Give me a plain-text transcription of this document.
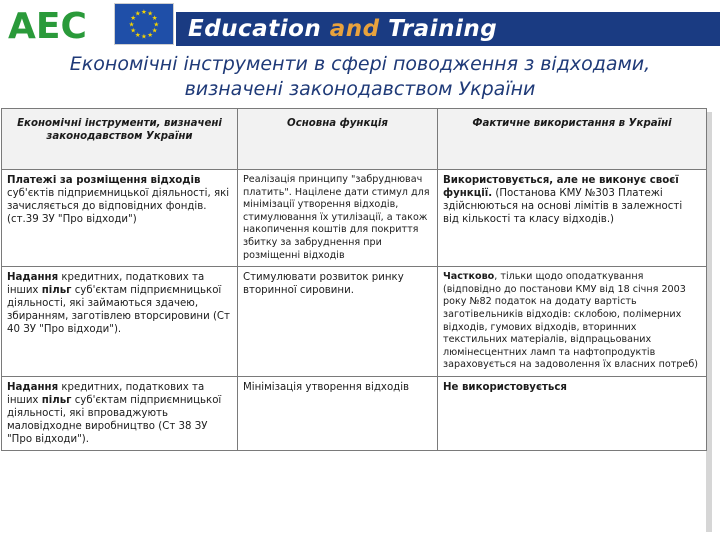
AEC	★ ★
★
★
★
★
★
★
★
★
★
★
Education and Training
Економічні інструменти в сфері поводження з відходами,
визначені законодавством України
Економічні інструменти, визначені законодавством України	Основна функція	Фактичне використання в Україні
Платежі за розміщення відходів суб'єктів підприємницької діяльності, які зачисляється до відповідних фондів. (ст.39 ЗУ "Про відходи")	Реалізація принципу "забруднювач платить". Націлене дати стимул для мінімізації утворення відходів, стимулювання їх утилізації, а також накопичення коштів для покриття збитку за забруднення при розміщенні відходів	Використовується, але не виконує своєї функції. (Постанова КМУ №303 Платежі здійснюються на основі лімітів в залежності від кількості та класу відходів.)
Надання кредитних, податкових та інших пільг суб'єктам підприємницької діяльності, які займаються здачею, збиранням, заготівлею вторсировини (Ст 40 ЗУ "Про відходи").	Стимулювати розвиток ринку вторинної сировини.	Частково, тільки щодо оподаткування (відповідно до постанови КМУ від 18 січня 2003 року №82 податок на додату вартість заготівельників відходів: склобою, полімерних відходів, гумових відходів, вторинних текстильних матеріалів, відпрацьованих люмінесцентних ламп та нафтопродуктів зараховується на задоволення їх власних потреб)
Надання кредитних, податкових та інших пільг суб'єктам підприємницької діяльності, які впроваджують маловідходне виробництво (Ст 38 ЗУ "Про відходи").	Мінімізація утворення відходів	Не використовується
